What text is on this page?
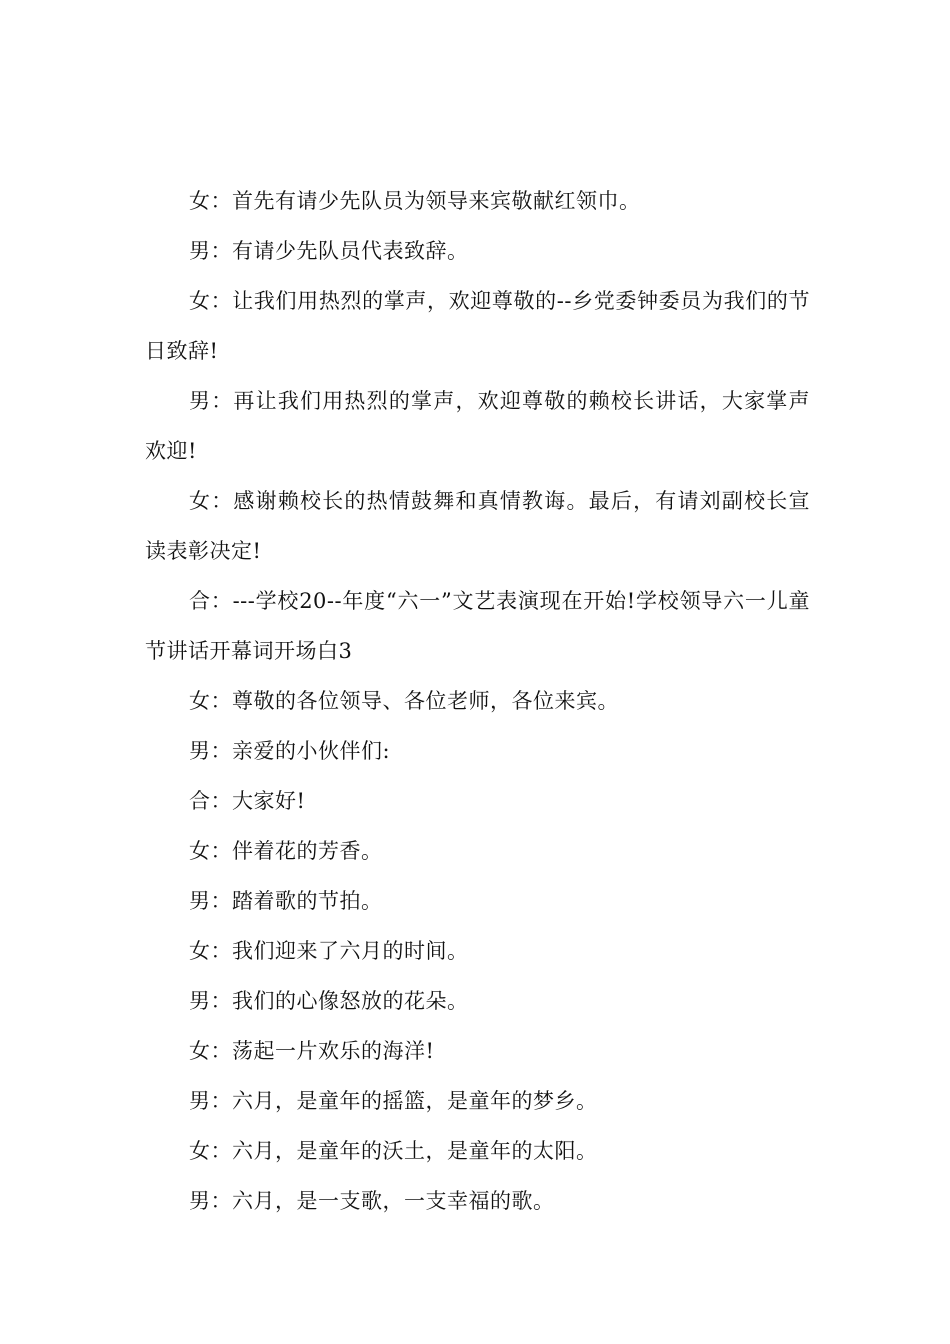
女：首先有请少先队员为领导来宾敬献红领巾。

男：有请少先队员代表致辞。

女：让我们用热烈的掌声，欢迎尊敬的--乡党委钟委员为我们的节日致辞!

男：再让我们用热烈的掌声，欢迎尊敬的赖校长讲话，大家掌声欢迎!

女：感谢赖校长的热情鼓舞和真情教诲。最后，有请刘副校长宣读表彰决定!

合：---学校20--年度“六一”文艺表演现在开始!学校领导六一儿童节讲话开幕词开场白3

女：尊敬的各位领导、各位老师，各位来宾。

男：亲爱的小伙伴们:

合：大家好!

女：伴着花的芳香。

男：踏着歌的节拍。

女：我们迎来了六月的时间。

男：我们的心像怒放的花朵。

女：荡起一片欢乐的海洋!

男：六月，是童年的摇篮，是童年的梦乡。

女：六月，是童年的沃土，是童年的太阳。

男：六月，是一支歌，一支幸福的歌。
